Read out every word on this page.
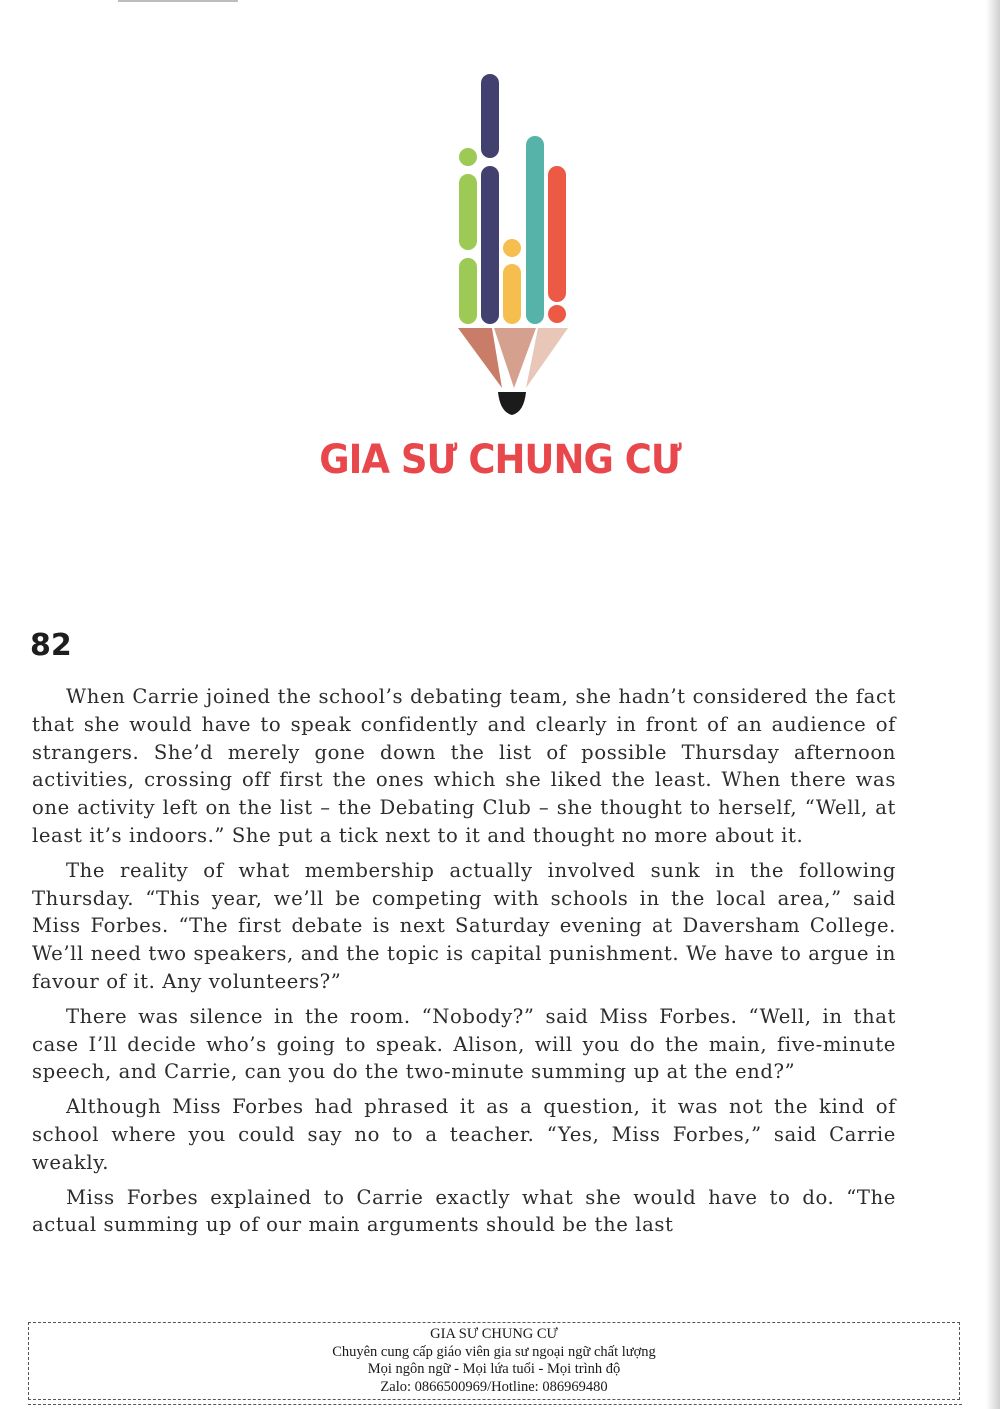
GIA SƯ CHUNG CƯ
82

When Carrie joined the school’s debating team, she hadn’t considered the fact that she would have to speak confidently and clearly in front of an audience of strangers. She’d merely gone down the list of possible Thursday afternoon activities, crossing off first the ones which she liked the least. When there was one activity left on the list – the Debating Club – she thought to herself, “Well, at least it’s indoors.” She put a tick next to it and thought no more about it.

The reality of what membership actually involved sunk in the following Thursday. “This year, we’ll be competing with schools in the local area,” said Miss Forbes. “The first debate is next Saturday evening at Daversham College. We’ll need two speakers, and the topic is capital punishment. We have to argue in favour of it. Any volunteers?”

There was silence in the room. “Nobody?” said Miss Forbes. “Well, in that case I’ll decide who’s going to speak. Alison, will you do the main, five-minute speech, and Carrie, can you do the two-minute summing up at the end?”

Although Miss Forbes had phrased it as a question, it was not the kind of school where you could say no to a teacher. “Yes, Miss Forbes,” said Carrie weakly.

Miss Forbes explained to Carrie exactly what she would have to do. “The actual summing up of our main arguments should be the last

GIA SƯ CHUNG CƯ
Chuyên cung cấp giáo viên gia sư ngoại ngữ chất lượng
Mọi ngôn ngữ - Mọi lứa tuổi - Mọi trình độ
Zalo: 0866500969/Hotline: 086969480
